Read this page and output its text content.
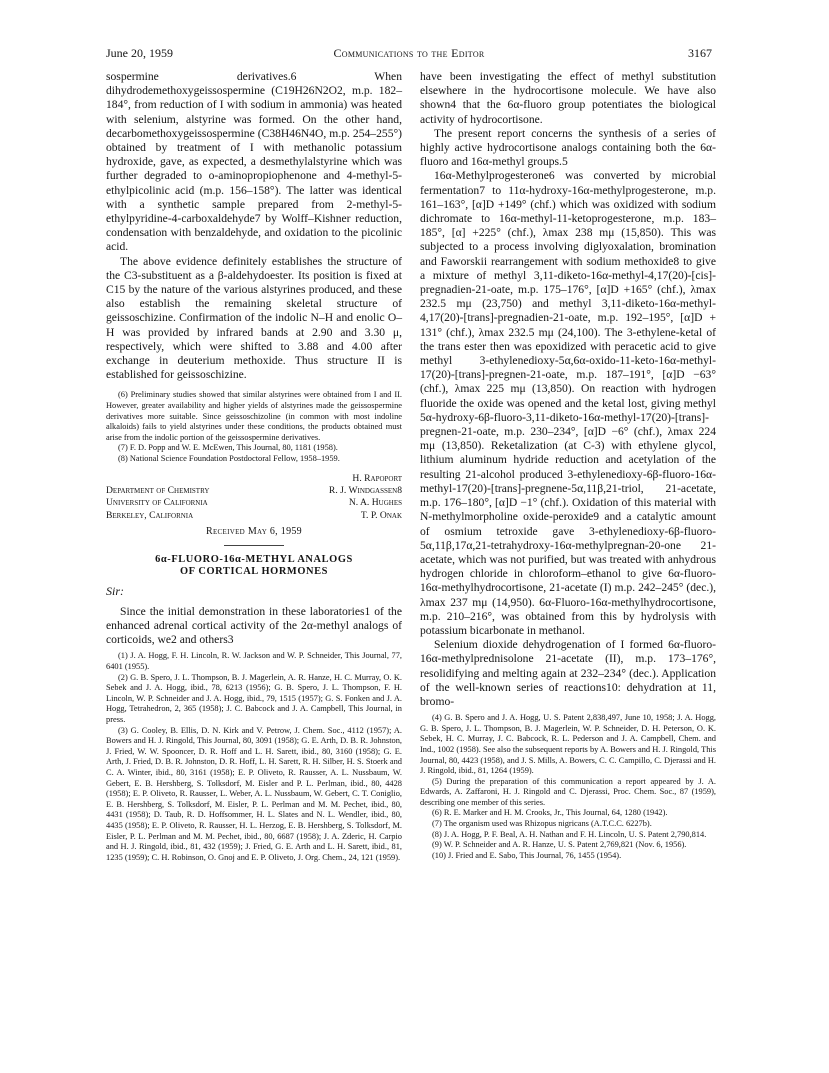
June 20, 1959	Communications to the Editor	3167

sospermine derivatives.6 When dihydrodemethoxygeissospermine (C19H26N2O2, m.p. 182–184°, from reduction of I with sodium in ammonia) was heated with selenium, alstyrine was formed. On the other hand, decarbomethoxygeissospermine (C38H46N4O, m.p. 254–255°) obtained by treatment of I with methanolic potassium hydroxide, gave, as expected, a desmethylalstyrine which was further degraded to o-aminopropiophenone and 4-methyl-5-ethylpicolinic acid (m.p. 156–158°). The latter was identical with a synthetic sample prepared from 2-methyl-5-ethylpyridine-4-carboxaldehyde7 by Wolff–Kishner reduction, condensation with benzaldehyde, and oxidation to the picolinic acid.

The above evidence definitely establishes the structure of the C3-substituent as a β-aldehydoester. Its position is fixed at C15 by the nature of the various alstyrines produced, and these also establish the remaining skeletal structure of geissoschizine. Confirmation of the indolic N–H and enolic O–H was provided by infrared bands at 2.90 and 3.30 μ, respectively, which were shifted to 3.88 and 4.00 after exchange in deuterium methoxide. Thus structure II is established for geissoschizine.

(6) Preliminary studies showed that similar alstyrines were obtained from I and II. However, greater availability and higher yields of alstyrines made the geissospermine derivatives more suitable. Since geissoschizoline (in common with most indoline alkaloids) fails to yield alstyrines under these conditions, the products obtained must arise from the indolic portion of the geissospermine derivatives.

(7) F. D. Popp and W. E. McEwen, This Journal, 80, 1181 (1958).

(8) National Science Foundation Postdoctoral Fellow, 1958–1959.

H. Rapoport
Department of Chemistry	R. J. Windgassen8
University of California	N. A. Hughes
Berkeley, California	T. P. Onak
Received May 6, 1959
6α-FLUORO-16α-METHYL ANALOGS
OF CORTICAL HORMONES
Sir:

Since the initial demonstration in these laboratories1 of the enhanced adrenal cortical activity of the 2α-methyl analogs of corticoids, we2 and others3

(1) J. A. Hogg, F. H. Lincoln, R. W. Jackson and W. P. Schneider, This Journal, 77, 6401 (1955).

(2) G. B. Spero, J. L. Thompson, B. J. Magerlein, A. R. Hanze, H. C. Murray, O. K. Sebek and J. A. Hogg, ibid., 78, 6213 (1956); G. B. Spero, J. L. Thompson, F. H. Lincoln, W. P. Schneider and J. A. Hogg, ibid., 79, 1515 (1957); G. S. Fonken and J. A. Hogg, Tetrahedron, 2, 365 (1958); J. C. Babcock and J. A. Campbell, This Journal, in press.

(3) G. Cooley, B. Ellis, D. N. Kirk and V. Petrow, J. Chem. Soc., 4112 (1957); A. Bowers and H. J. Ringold, This Journal, 80, 3091 (1958); G. E. Arth, D. B. R. Johnston, J. Fried, W. W. Spooncer, D. R. Hoff and L. H. Sarett, ibid., 80, 3160 (1958); G. E. Arth, J. Fried, D. B. R. Johnston, D. R. Hoff, L. H. Sarett, R. H. Silber, H. S. Stoerk and C. A. Winter, ibid., 80, 3161 (1958); E. P. Oliveto, R. Rausser, A. L. Nussbaum, W. Gebert, E. B. Hershberg, S. Tolksdorf, M. Eisler and P. L. Perlman, ibid., 80, 4428 (1958); E. P. Oliveto, R. Rausser, L. Weber, A. L. Nussbaum, W. Gebert, C. T. Coniglio, E. B. Hershberg, S. Tolksdorf, M. Eisler, P. L. Perlman and M. M. Pechet, ibid., 80, 4431 (1958); D. Taub, R. D. Hoffsommer, H. L. Slates and N. L. Wendler, ibid., 80, 4435 (1958); E. P. Oliveto, R. Rausser, H. L. Herzog, E. B. Hershberg, S. Tolksdorf, M. Eisler, P. L. Perlman and M. M. Pechet, ibid., 80, 6687 (1958); J. A. Zderic, H. Carpio and H. J. Ringold, ibid., 81, 432 (1959); J. Fried, G. E. Arth and L. H. Sarett, ibid., 81, 1235 (1959); C. H. Robinson, O. Gnoj and E. P. Oliveto, J. Org. Chem., 24, 121 (1959).

have been investigating the effect of methyl substitution elsewhere in the hydrocortisone molecule. We have also shown4 that the 6α-fluoro group potentiates the biological activity of hydrocortisone.

The present report concerns the synthesis of a series of highly active hydrocortisone analogs containing both the 6α-fluoro and 16α-methyl groups.5

16α-Methylprogesterone6 was converted by microbial fermentation7 to 11α-hydroxy-16α-methylprogesterone, m.p. 161–163°, [α]D +149° (chf.) which was oxidized with sodium dichromate to 16α-methyl-11-ketoprogesterone, m.p. 183–185°, [α] +225° (chf.), λmax 238 mμ (15,850). This was subjected to a process involving diglyoxalation, bromination and Faworskii rearrangement with sodium methoxide8 to give a mixture of methyl 3,11-diketo-16α-methyl-4,17(20)-[cis]-pregnadien-21-oate, m.p. 175–176°, [α]D +165° (chf.), λmax 232.5 mμ (23,750) and methyl 3,11-diketo-16α-methyl-4,17(20)-[trans]-pregnadien-21-oate, m.p. 192–195°, [α]D + 131° (chf.), λmax 232.5 mμ (24,100). The 3-ethylene-ketal of the trans ester then was epoxidized with peracetic acid to give methyl 3-ethylenedioxy-5α,6α-oxido-11-keto-16α-methyl-17(20)-[trans]-pregnen-21-oate, m.p. 187–191°, [α]D −63° (chf.), λmax 225 mμ (13,850). On reaction with hydrogen fluoride the oxide was opened and the ketal lost, giving methyl 5α-hydroxy-6β-fluoro-3,11-diketo-16α-methyl-17(20)-[trans]-pregnen-21-oate, m.p. 230–234°, [α]D −6° (chf.), λmax 224 mμ (13,850). Reketalization (at C-3) with ethylene glycol, lithium aluminum hydride reduction and acetylation of the resulting 21-alcohol produced 3-ethylenedioxy-6β-fluoro-16α-methyl-17(20)-[trans]-pregnene-5α,11β,21-triol, 21-acetate, m.p. 176–180°, [α]D −1° (chf.). Oxidation of this material with N-methylmorpholine oxide-peroxide9 and a catalytic amount of osmium tetroxide gave 3-ethylenedioxy-6β-fluoro-5α,11β,17α,21-tetrahydroxy-16α-methylpregnan-20-one 21-acetate, which was not purified, but was treated with anhydrous hydrogen chloride in chloroform–ethanol to give 6α-fluoro-16α-methylhydrocortisone, 21-acetate (I) m.p. 242–245° (dec.), λmax 237 mμ (14,950). 6α-Fluoro-16α-methylhydrocortisone, m.p. 210–216°, was obtained from this by hydrolysis with potassium bicarbonate in methanol.

Selenium dioxide dehydrogenation of I formed 6α-fluoro-16α-methylprednisolone 21-acetate (II), m.p. 173–176°, resolidifying and melting again at 232–234° (dec.). Application of the well-known series of reactions10: dehydration at 11, bromo-

(4) G. B. Spero and J. A. Hogg, U. S. Patent 2,838,497, June 10, 1958; J. A. Hogg, G. B. Spero, J. L. Thompson, B. J. Magerlein, W. P. Schneider, D. H. Peterson, O. K. Sebek, H. C. Murray, J. C. Babcock, R. L. Pederson and J. A. Campbell, Chem. and Ind., 1002 (1958). See also the subsequent reports by A. Bowers and H. J. Ringold, This Journal, 80, 4423 (1958), and J. S. Mills, A. Bowers, C. C. Campillo, C. Djerassi and H. J. Ringold, ibid., 81, 1264 (1959).

(5) During the preparation of this communication a report appeared by J. A. Edwards, A. Zaffaroni, H. J. Ringold and C. Djerassi, Proc. Chem. Soc., 87 (1959), describing one member of this series.

(6) R. E. Marker and H. M. Crooks, Jr., This Journal, 64, 1280 (1942).

(7) The organism used was Rhizopus nigricans (A.T.C.C. 6227b).

(8) J. A. Hogg, P. F. Beal, A. H. Nathan and F. H. Lincoln, U. S. Patent 2,790,814.

(9) W. P. Schneider and A. R. Hanze, U. S. Patent 2,769,821 (Nov. 6, 1956).

(10) J. Fried and E. Sabo, This Journal, 76, 1455 (1954).
